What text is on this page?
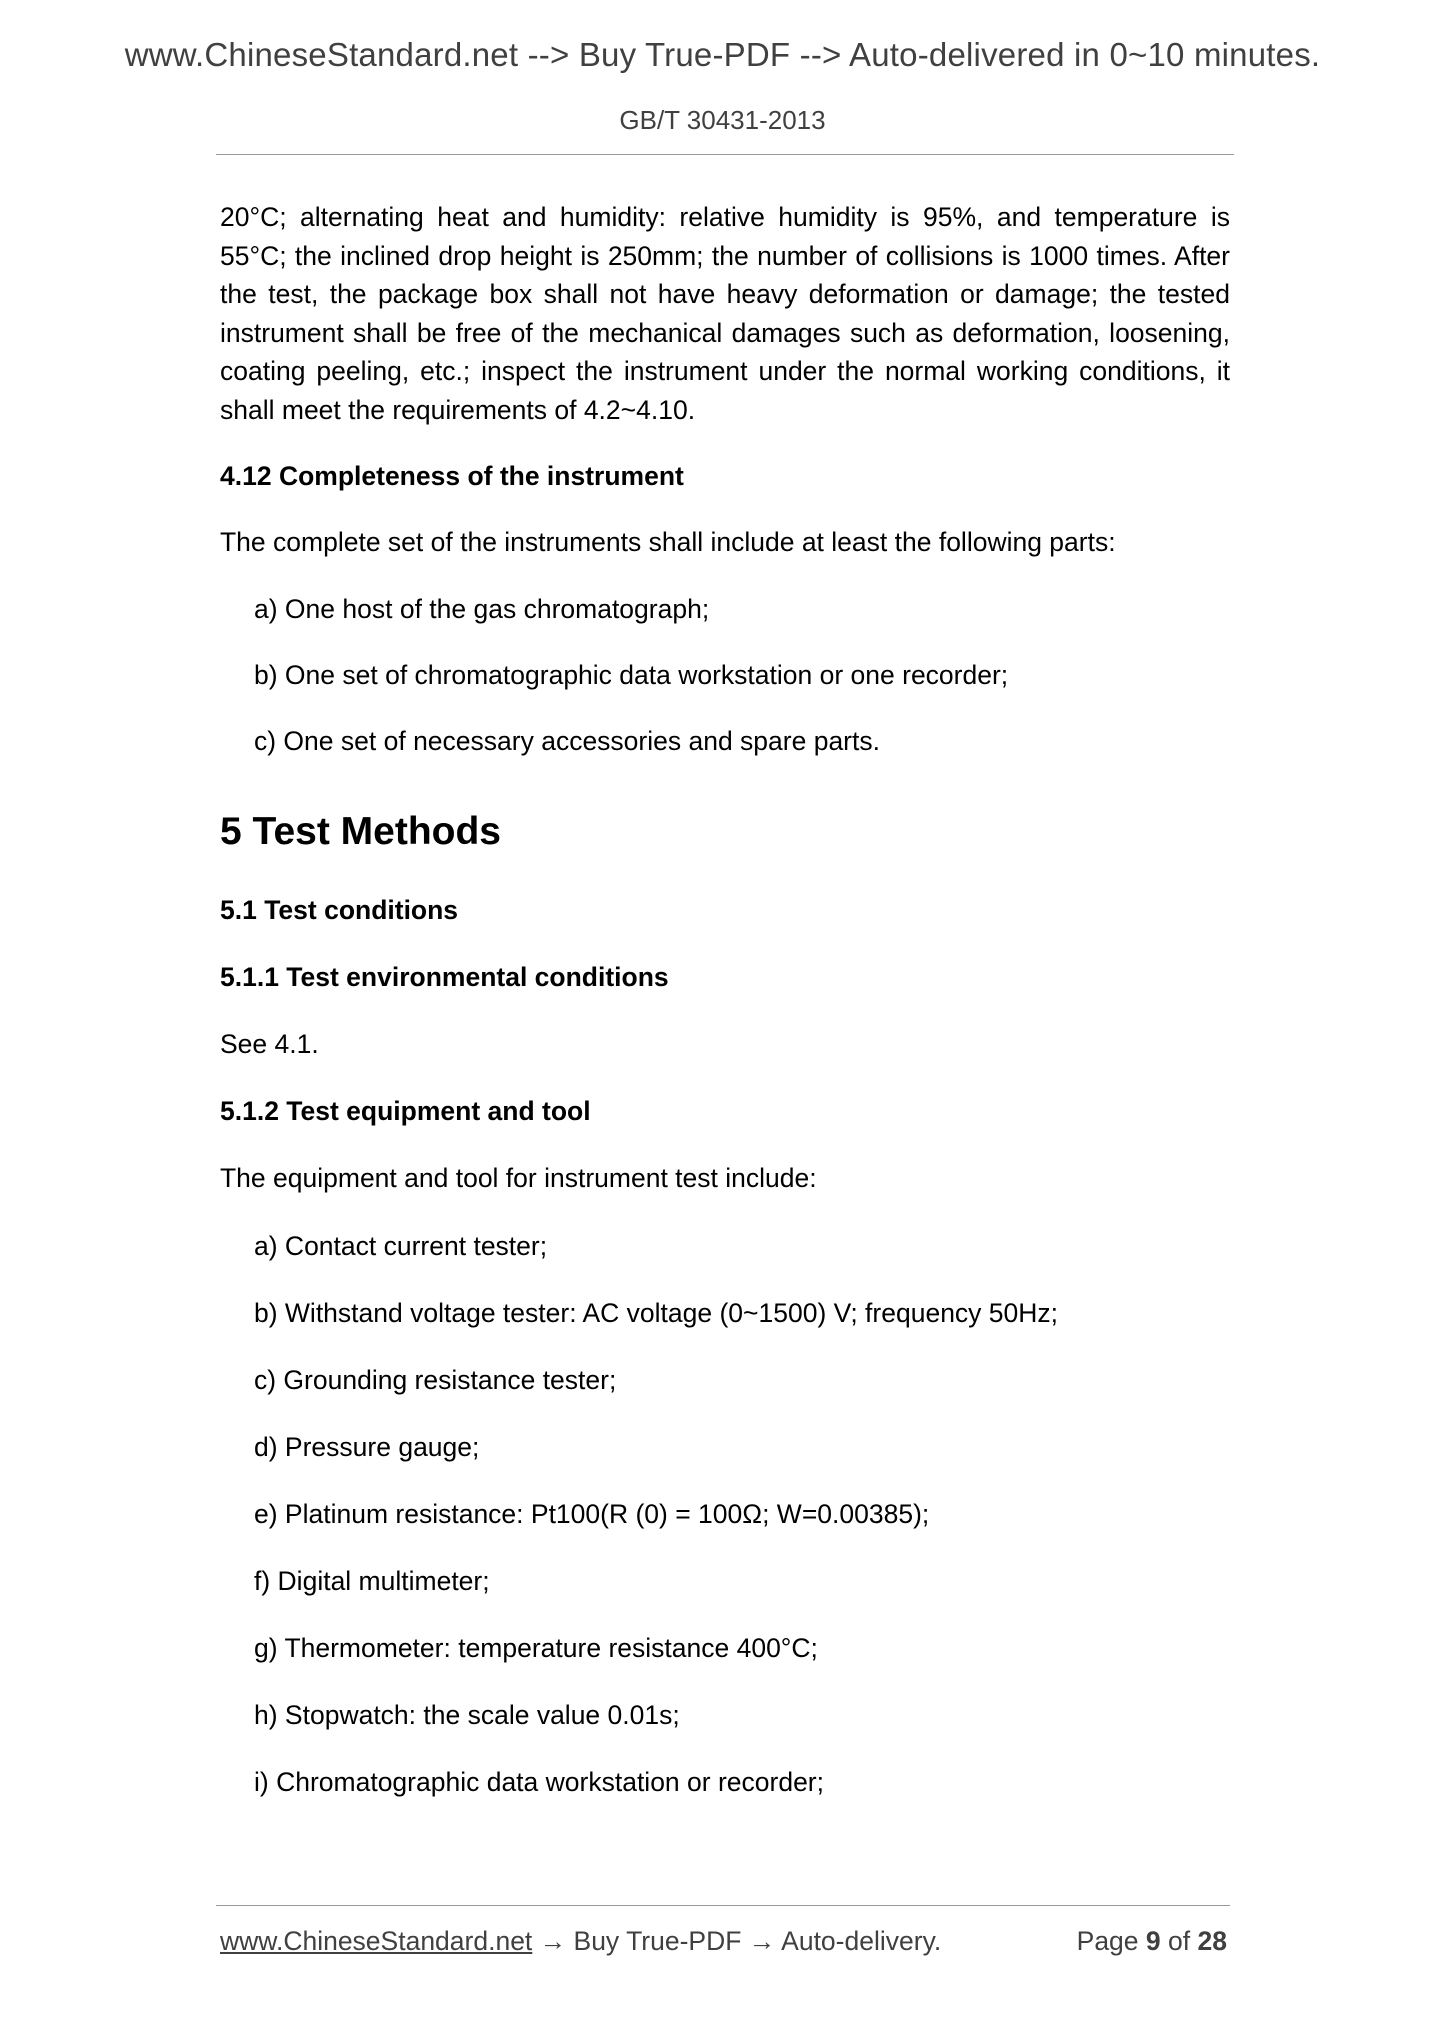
www.ChineseStandard.net --> Buy True-PDF --> Auto-delivered in 0~10 minutes.
GB/T 30431-2013

20°C; alternating heat and humidity: relative humidity is 95%, and temperature is 55°C; the inclined drop height is 250mm; the number of collisions is 1000 times. After the test, the package box shall not have heavy deformation or damage; the tested instrument shall be free of the mechanical damages such as deformation, loosening, coating peeling, etc.; inspect the instrument under the normal working conditions, it shall meet the requirements of 4.2~4.10.

4.12 Completeness of the instrument

The complete set of the instruments shall include at least the following parts:

a) One host of the gas chromatograph;

b) One set of chromatographic data workstation or one recorder;

c) One set of necessary accessories and spare parts.

5 Test Methods

5.1 Test conditions

5.1.1 Test environmental conditions

See 4.1.

5.1.2 Test equipment and tool

The equipment and tool for instrument test include:

a) Contact current tester;

b) Withstand voltage tester: AC voltage (0~1500) V; frequency 50Hz;

c) Grounding resistance tester;

d) Pressure gauge;

e) Platinum resistance: Pt100(R (0) = 100Ω; W=0.00385);

f) Digital multimeter;

g) Thermometer: temperature resistance 400°C;

h) Stopwatch: the scale value 0.01s;

i) Chromatographic data workstation or recorder;

www.ChineseStandard.net → Buy True-PDF → Auto-delivery.	Page 9 of 28
